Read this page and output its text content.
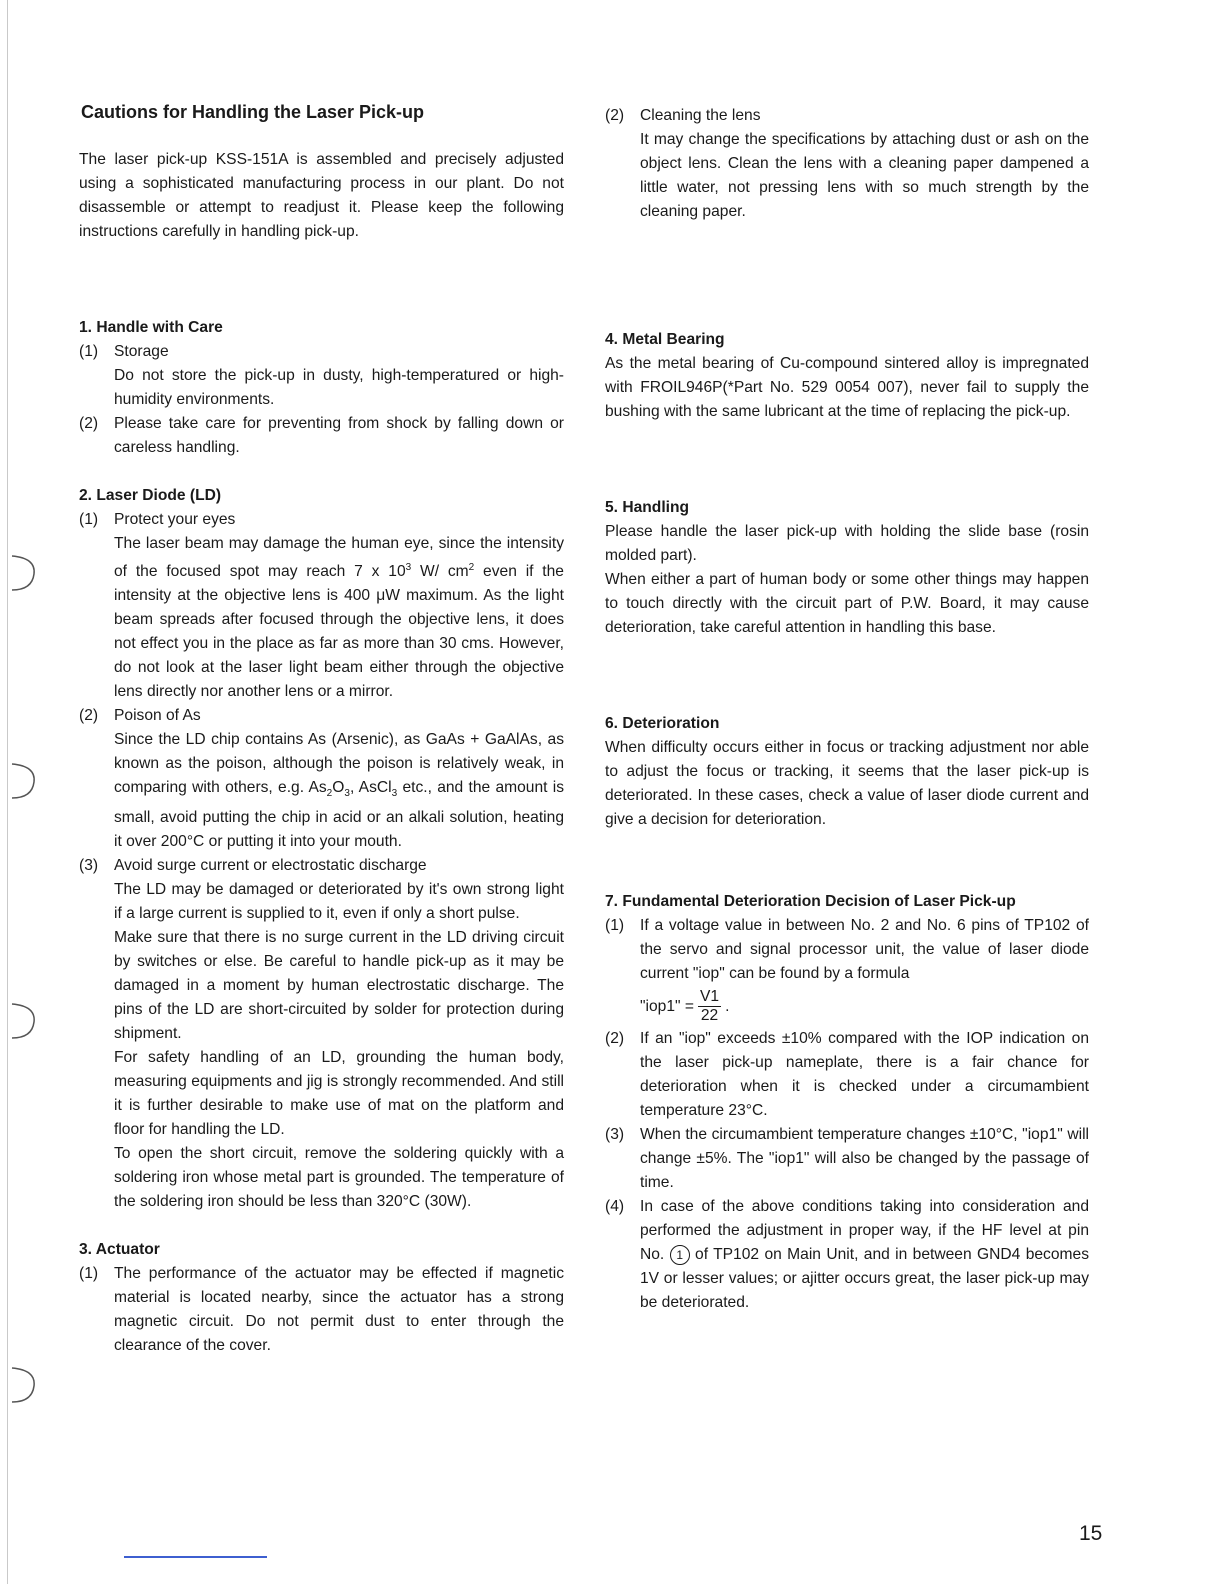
Cautions for Handling the Laser Pick-up

The laser pick-up KSS-151A is assembled and precisely adjusted using a sophisticated manufacturing process in our plant. Do not disassemble or attempt to readjust it. Please keep the following instructions carefully in handling pick-up.

1. Handle with Care
(1) Storage

Do not store the pick-up in dusty, high-temperatured or high-humidity environments.

(2) Please take care for preventing from shock by falling down or careless handling.

2. Laser Diode (LD)
(1) Protect your eyes

The laser beam may damage the human eye, since the intensity of the focused spot may reach 7 x $10^3$ W/ $cm^2$ even if the intensity at the objective lens is 400 μW maximum. As the light beam spreads after focused through the objective lens, it does not effect you in the place as far as more than 30 cms. However, do not look at the laser light beam either through the objective lens directly nor another lens or a mirror.

(2) Poison of As

Since the LD chip contains As (Arsenic), as GaAs + GaAlAs, as known as the poison, although the poison is relatively weak, in comparing with others, e.g. $As_2O_3$, AsCl$_3$ etc., and the amount is small, avoid putting the chip in acid or an alkali solution, heating it over 200°C or putting it into your mouth.

(3) Avoid surge current or electrostatic discharge

The LD may be damaged or deteriorated by it's own strong light if a large current is supplied to it, even if only a short pulse.

Make sure that there is no surge current in the LD driving circuit by switches or else. Be careful to handle pick-up as it may be damaged in a moment by human electrostatic discharge. The pins of the LD are short-circuited by solder for protection during shipment.

For safety handling of an LD, grounding the human body, measuring equipments and jig is strongly recommended. And still it is further desirable to make use of mat on the platform and floor for handling the LD.

To open the short circuit, remove the soldering quickly with a soldering iron whose metal part is grounded. The temperature of the soldering iron should be less than 320°C (30W).

3. Actuator
(1) The performance of the actuator may be effected if magnetic material is located nearby, since the actuator has a strong magnetic circuit. Do not permit dust to enter through the clearance of the cover.

(2) Cleaning the lens

It may change the specifications by attaching dust or ash on the object lens. Clean the lens with a cleaning paper dampened a little water, not pressing lens with so much strength by the cleaning paper.

4. Metal Bearing

As the metal bearing of Cu-compound sintered alloy is impregnated with FROIL946P(*Part No. 529 0054 007), never fail to supply the bushing with the same lubricant at the time of replacing the pick-up.

5. Handling

Please handle the laser pick-up with holding the slide base (rosin molded part).

When either a part of human body or some other things may happen to touch directly with the circuit part of P.W. Board, it may cause deterioration, take careful attention in handling this base.

6. Deterioration

When difficulty occurs either in focus or tracking adjustment nor able to adjust the focus or tracking, it seems that the laser pick-up is deteriorated. In these cases, check a value of laser diode current and give a decision for deterioration.

7. Fundamental Deterioration Decision of Laser Pick-up
(1) If a voltage value in between No. 2 and No. 6 pins of TP102 of the servo and signal processor unit, the value of laser diode current "iop" can be found by a formula

"iop1" = $\frac{V1}{22}$ .
(2) If an "iop" exceeds ±10% compared with the IOP indication on the laser pick-up nameplate, there is a fair chance for deterioration when it is checked under a circumambient temperature 23°C.

(3) When the circumambient temperature changes ±10°C, "iop1" will change ±5%. The "iop1" will also be changed by the passage of time.

(4) In case of the above conditions taking into consideration and performed the adjustment in proper way, if the HF level at pin No. 1 of TP102 on Main Unit, and in between GND4 becomes 1V or lesser values; or ajitter occurs great, the laser pick-up may be deteriorated.

15
